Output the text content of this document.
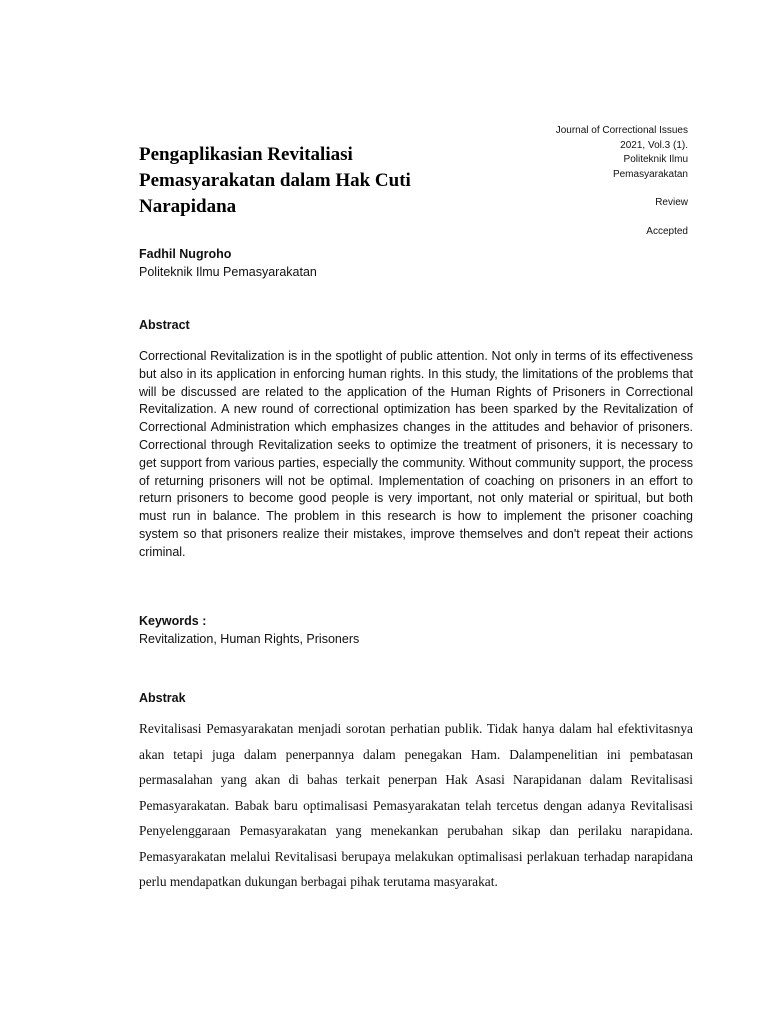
Journal of Correctional Issues
2021, Vol.3 (1).
Politeknik Ilmu
Pemasyarakatan
Review
Accepted
Pengaplikasian Revitaliasi Pemasyarakatan dalam Hak Cuti Narapidana
Fadhil Nugroho
Politeknik Ilmu Pemasyarakatan
Abstract

Correctional Revitalization is in the spotlight of public attention. Not only in terms of its effectiveness but also in its application in enforcing human rights. In this study, the limitations of the problems that will be discussed are related to the application of the Human Rights of Prisoners in Correctional Revitalization. A new round of correctional optimization has been sparked by the Revitalization of Correctional Administration which emphasizes changes in the attitudes and behavior of prisoners. Correctional through Revitalization seeks to optimize the treatment of prisoners, it is necessary to get support from various parties, especially the community. Without community support, the process of returning prisoners will not be optimal. Implementation of coaching on prisoners in an effort to return prisoners to become good people is very important, not only material or spiritual, but both must run in balance. The problem in this research is how to implement the prisoner coaching system so that prisoners realize their mistakes, improve themselves and don't repeat their actions criminal.

Keywords :
Revitalization, Human Rights, Prisoners
Abstrak

Revitalisasi Pemasyarakatan menjadi sorotan perhatian publik. Tidak hanya dalam hal efektivitasnya akan tetapi juga dalam penerpannya dalam penegakan Ham. Dalampenelitian ini pembatasan permasalahan yang akan di bahas terkait penerpan Hak Asasi Narapidanan dalam Revitalisasi Pemasyarakatan. Babak baru optimalisasi Pemasyarakatan telah tercetus dengan adanya Revitalisasi Penyelenggaraan Pemasyarakatan yang menekankan perubahan sikap dan perilaku narapidana. Pemasyarakatan melalui Revitalisasi berupaya melakukan optimalisasi perlakuan terhadap narapidana perlu mendapatkan dukungan berbagai pihak terutama masyarakat.
